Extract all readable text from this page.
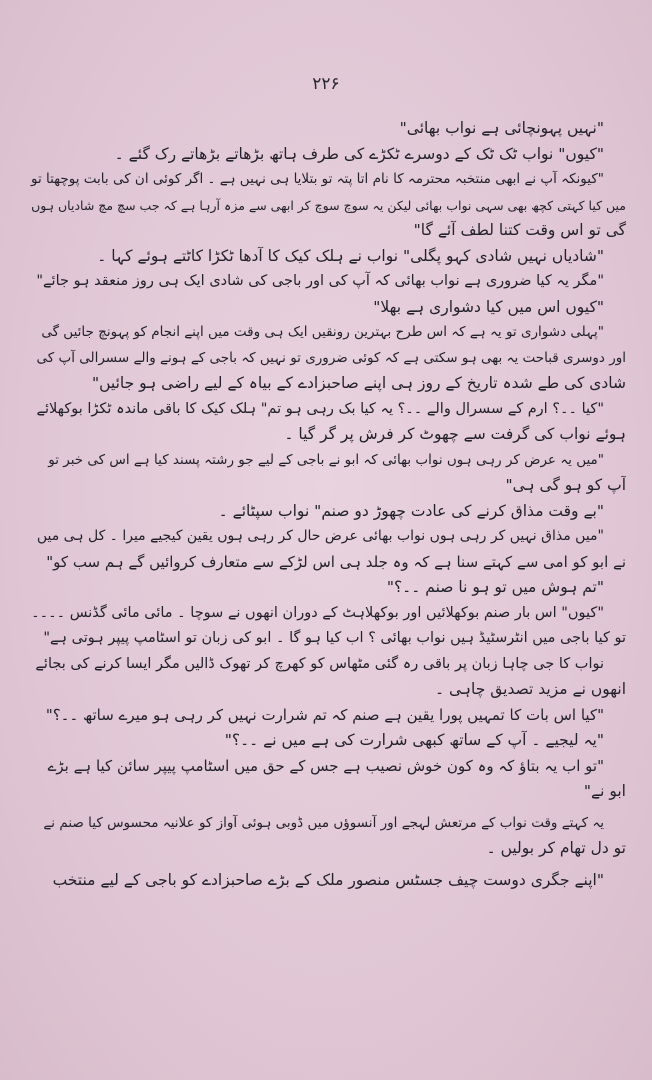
۲۲۶
"نہیں پہونچائی ہے نواب بھائی"
"کیوں" نواب ٹک ٹک کے دوسرے ٹکڑے کی طرف ہاتھ بڑھاتے بڑھاتے رک گئے ۔
"کیونکہ آپ نے ابھی منتخبہ محترمہ کا نام اتا پتہ تو بتلایا ہی نہیں ہے ۔ اگر کوئی ان کی بابت پوچھتا تو
میں کیا کہتی کچھ بھی سہی نواب بھائی لیکن یہ سوچ سوچ کر ابھی سے مزہ آرہا ہے کہ جب سچ مچ شادیاں ہوں
گی تو اس وقت کتنا لطف آئے گا"
"شادیاں نہیں شادی کہو پگلی" نواب نے ہلک کیک کا آدھا ٹکڑا کاٹتے ہوئے کہا ۔
"مگر یہ کیا ضروری ہے نواب بھائی کہ آپ کی اور باجی کی شادی ایک ہی روز منعقد ہو جائے"
"کیوں اس میں کیا دشواری ہے بھلا"
"پہلی دشواری تو یہ ہے کہ اس طرح بہترین رونقیں ایک ہی وقت میں اپنے انجام کو پہونچ جائیں گی
اور دوسری قباحت یہ بھی ہو سکتی ہے کہ کوئی ضروری تو نہیں کہ باجی کے ہونے والے سسرالی آپ کی
شادی کی طے شدہ تاریخ کے روز ہی اپنے صاحبزادے کے بیاہ کے لیے راضی ہو جائیں"
"کیا ۔۔؟ ارم کے سسرال والے ۔۔؟ یہ کیا بک رہی ہو تم" ہلک کیک کا باقی ماندہ ٹکڑا بوکھلائے
ہوئے نواب کی گرفت سے چھوٹ کر فرش پر گر گیا ۔
"میں یہ عرض کر رہی ہوں نواب بھائی کہ ابو نے باجی کے لیے جو رشتہ پسند کیا ہے اس کی خبر تو
آپ کو ہو گی ہی"
"بے وقت مذاق کرنے کی عادت چھوڑ دو صنم" نواب سپٹائے ۔
"میں مذاق نہیں کر رہی ہوں نواب بھائی عرض حال کر رہی ہوں یقین کیجیے میرا ۔ کل ہی میں
نے ابو کو امی سے کہتے سنا ہے کہ وہ جلد ہی اس لڑکے سے متعارف کروائیں گے ہم سب کو"
"تم ہوش میں تو ہو نا صنم ۔۔؟"
"کیوں" اس بار صنم بوکھلائیں اور بوکھلاہٹ کے دوران انھوں نے سوچا ۔ مائی مائی گڈنس ۔۔۔۔
تو کیا باجی میں انٹرسٹیڈ ہیں نواب بھائی ؟ اب کیا ہو گا ۔ ابو کی زبان تو اسٹامپ پیپر ہوتی ہے"
نواب کا جی چاہا زبان پر باقی رہ گئی مٹھاس کو کھرچ کر تھوک ڈالیں مگر ایسا کرنے کی بجائے
انھوں نے مزید تصدیق چاہی ۔
"کیا اس بات کا تمہیں پورا یقین ہے صنم کہ تم شرارت نہیں کر رہی ہو میرے ساتھ ۔۔؟"
"یہ لیجیے ۔ آپ کے ساتھ کبھی شرارت کی ہے میں نے ۔۔؟"
"تو اب یہ بتاؤ کہ وہ کون خوش نصیب ہے جس کے حق میں اسٹامپ پیپر سائن کیا ہے بڑے
ابو نے"
یہ کہتے وقت نواب کے مرتعش لہجے اور آنسوؤں میں ڈوبی ہوئی آواز کو علانیہ محسوس کیا صنم نے
تو دل تھام کر بولیں ۔
"اپنے جگری دوست چیف جسٹس منصور ملک کے بڑے صاحبزادے کو باجی کے لیے منتخب
